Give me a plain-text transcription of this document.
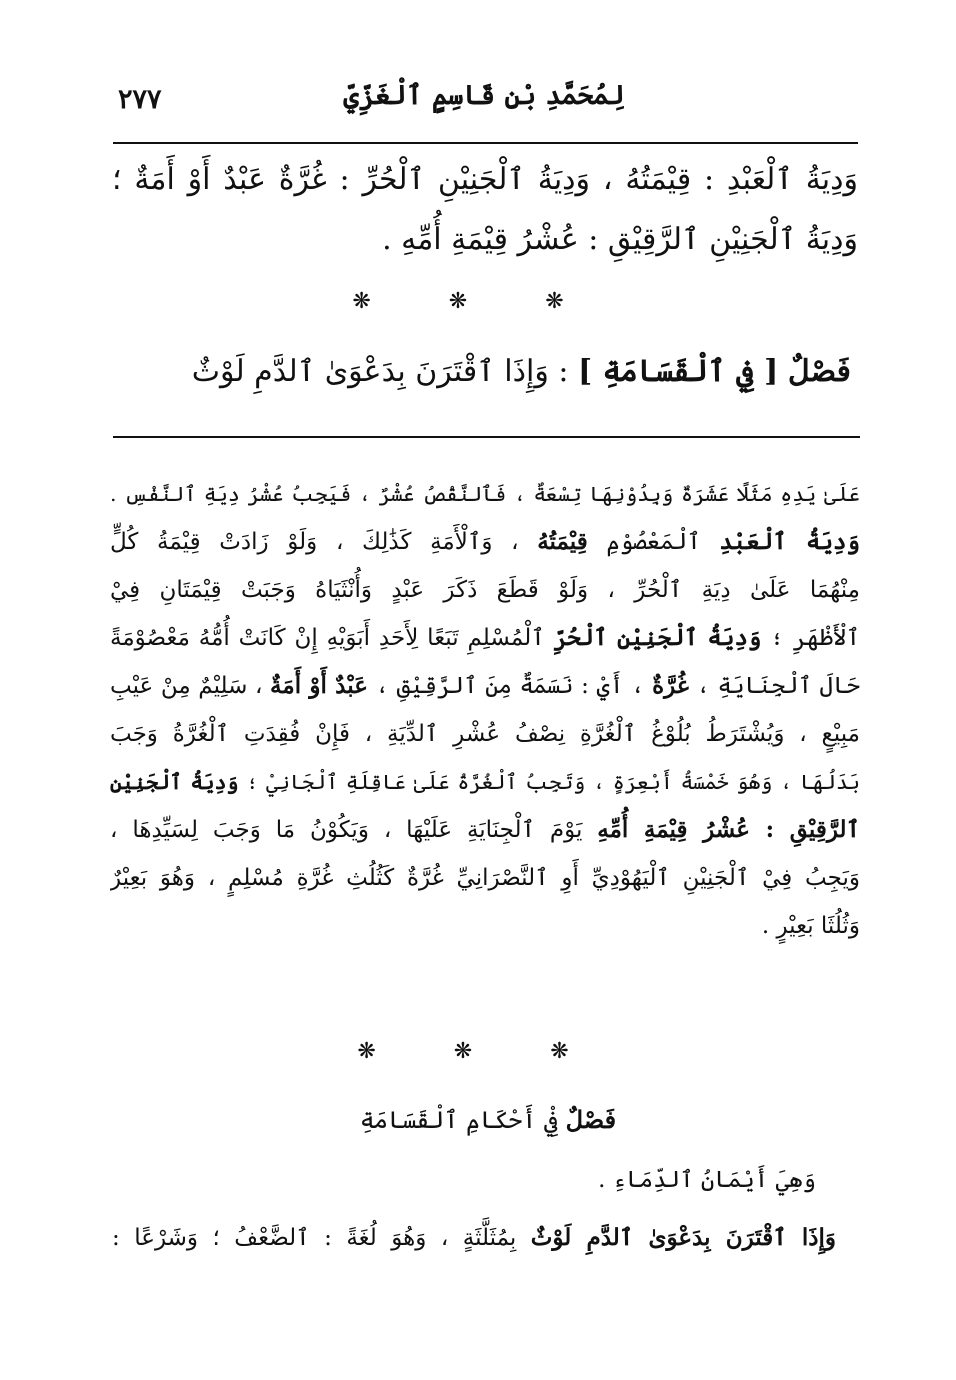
لِمُحَمَّدِ بْنِ قَاسِمٍ ٱلْغَزِّيِّ
٢٧٧
وَدِيَةُ ٱلْعَبْدِ : قِيْمَتُهُ ، وَدِيَةُ ٱلْجَنِيْنِ ٱلْحُرِّ : غُرَّةٌ عَبْدٌ أَوْ أَمَةٌ ؛
وَدِيَةُ ٱلْجَنِيْنِ ٱلرَّقِيْقِ : عُشْرُ قِيْمَةِ أُمِّهِ .
❋
❋
❋
فَصْلٌ [ فِي ٱلْقَسَامَةِ ] : وَإِذَا ٱقْتَرَنَ بِدَعْوَىٰ ٱلدَّمِ لَوْثٌ
عَلَىٰ يَدِهِ مَثَلًا عَشَرَةٌ وَبِدُوْنِهَا تِسْعَةٌ ، فَٱلنَّقْصُ عُشْرٌ ، فَيَجِبُ عُشْرُ دِيَةِ ٱلنَّفْسِ .
وَدِيَةُ ٱلْعَبْدِ ٱلْمَعْصُوْمِ قِيْمَتُهُ ، وَٱلْأَمَةِ كَذَٰلِكَ ، وَلَوْ زَادَتْ قِيْمَةُ كُلٍّ
مِنْهُمَا عَلَىٰ دِيَةِ ٱلْحُرِّ ، وَلَوْ قَطَعَ ذَكَرَ عَبْدٍ وَأُنْثَيَاهُ وَجَبَتْ قِيْمَتَانِ فِيْ
ٱلْأَظْهَرِ ؛ وَدِيَةُ ٱلْجَنِيْنِ ٱلْحُرِّ ٱلْمُسْلِمِ تَبَعًا لِأَحَدِ أَبَوَيْهِ إِنْ كَانَتْ أُمُّهُ مَعْصُوْمَةً
حَالَ ٱلْجِنَايَةِ ، غُرَّةٌ ، أَيْ : نَسَمَةٌ مِنَ ٱلرَّقِيْقِ ، عَبْدٌ أَوْ أَمَةٌ ، سَلِيْمٌ مِنْ عَيْبِ
مَبِيْعٍ ، وَيُشْتَرَطُ بُلُوْغُ ٱلْغُرَّةِ نِصْفُ عُشْرِ ٱلدِّيَةِ ، فَإِنْ فُقِدَتِ ٱلْغُرَّةُ وَجَبَ
بَدَلُهَا ، وَهُوَ خَمْسَةُ أَبْعِرَةٍ ، وَتَجِبُ ٱلْغُرَّةُ عَلَىٰ عَاقِلَةِ ٱلْجَانِيْ ؛ وَدِيَةُ ٱلْجَنِيْنِ
ٱلرَّقِيْقِ : عُشْرُ قِيْمَةِ أُمِّهِ يَوْمَ ٱلْجِنَايَةِ عَلَيْهَا ، وَيَكُوْنُ مَا وَجَبَ لِسَيِّدِهَا ،
وَيَجِبُ فِيْ ٱلْجَنِيْنِ ٱلْيَهُوْدِيِّ أَوِ ٱلنَّصْرَانِيِّ غُرَّةٌ كَثُلُثِ غُرَّةِ مُسْلِمٍ ، وَهُوَ بَعِيْرٌ
وَثُلُثَا بَعِيْرٍ .
❋
❋
❋
فَصْلٌ فِيْ أَحْكَامِ ٱلْقَسَامَةِ
وَهِيَ أَيْمَانُ ٱلدِّمَاءِ .
وَإِذَا ٱقْتَرَنَ بِدَعْوَىٰ ٱلدَّمِ لَوْثٌ بِمُثَلَّثَةٍ ، وَهُوَ لُغَةً : ٱلضَّعْفُ ؛ وَشَرْعًا :
